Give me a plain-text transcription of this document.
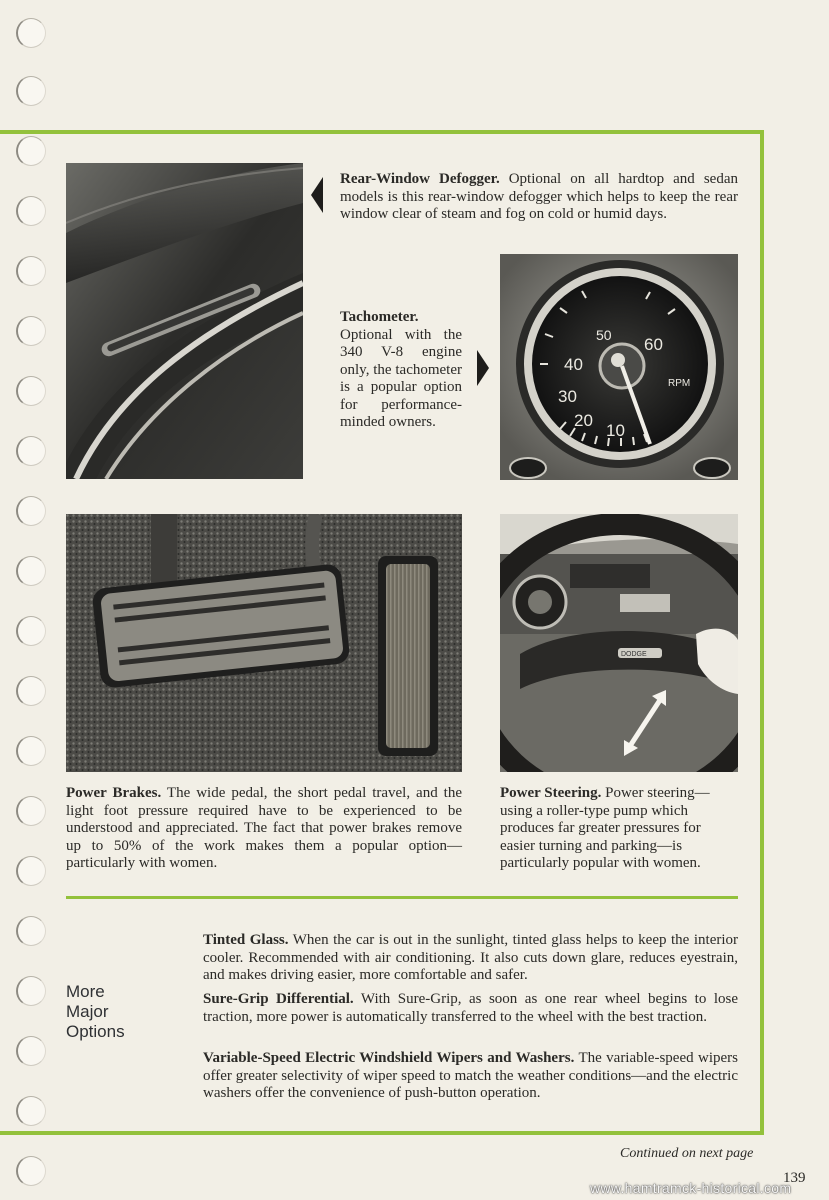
Rear-Window Defogger. Optional on all hardtop and sedan models is this rear-window defogger which helps to keep the rear window clear of steam and fog on cold or humid days.
Tachometer. Optional with the 340 V-8 engine only, the tachometer is a popular option for performance-minded owners.	20
10
30
40
50 60
RPM
DODGE
Power Brakes. The wide pedal, the short pedal travel, and the light foot pressure required have to be experienced to be understood and appreciated. The fact that power brakes remove up to 50% of the work makes them a popular option—particularly with women.
Power Steering. Power steering—using a roller-type pump which produces far greater pressures for easier turning and parking—is particularly popular with women.
More
Major
Options
Tinted Glass. When the car is out in the sunlight, tinted glass helps to keep the interior cooler. Recommended with air conditioning. It also cuts down glare, reduces eyestrain, and makes driving easier, more comfortable and safer.
Sure-Grip Differential. With Sure-Grip, as soon as one rear wheel begins to lose traction, more power is automatically transferred to the wheel with the best traction.
Variable-Speed Electric Windshield Wipers and Washers. The variable-speed wipers offer greater selectivity of wiper speed to match the weather conditions—and the electric washers offer the convenience of push-button operation.
Continued on next page
139
www.hamtramck-historical.com
